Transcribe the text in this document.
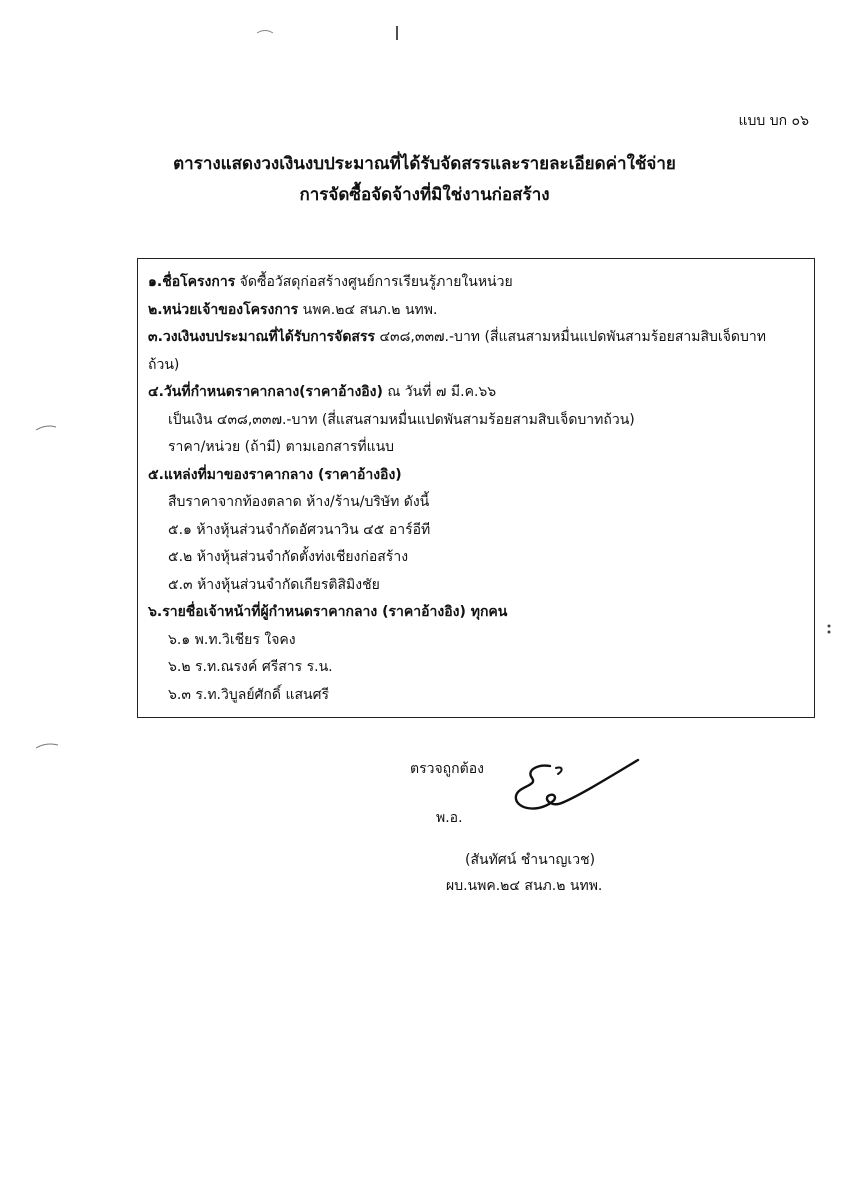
แบบ บก ๐๖
ตารางแสดงวงเงินงบประมาณที่ได้รับจัดสรรและรายละเอียดค่าใช้จ่าย
การจัดซื้อจัดจ้างที่มิใช่งานก่อสร้าง
๑.ชื่อโครงการ จัดซื้อวัสดุก่อสร้างศูนย์การเรียนรู้ภายในหน่วย
๒.หน่วยเจ้าของโครงการ นพค.๒๔ สนภ.๒ นทพ.
๓.วงเงินงบประมาณที่ได้รับการจัดสรร ๔๓๘,๓๓๗.-บาท (สี่แสนสามหมื่นแปดพันสามร้อยสามสิบเจ็ดบาท
ถ้วน)
๔.วันที่กำหนดราคากลาง(ราคาอ้างอิง) ณ วันที่ ๗ มี.ค.๖๖
เป็นเงิน ๔๓๘,๓๓๗.-บาท (สี่แสนสามหมื่นแปดพันสามร้อยสามสิบเจ็ดบาทถ้วน)
ราคา/หน่วย (ถ้ามี) ตามเอกสารที่แนบ
๕.แหล่งที่มาของราคากลาง (ราคาอ้างอิง)
สืบราคาจากท้องตลาด ห้าง/ร้าน/บริษัท ดังนี้
๕.๑ ห้างหุ้นส่วนจำกัดอัศวนาวิน ๔๕ อาร์อีที
๕.๒ ห้างหุ้นส่วนจำกัดตั้งท่งเชียงก่อสร้าง
๕.๓ ห้างหุ้นส่วนจำกัดเกียรติสิมิงชัย
๖.รายชื่อเจ้าหน้าที่ผู้กำหนดราคากลาง (ราคาอ้างอิง) ทุกคน
๖.๑ พ.ท.วิเชียร ใจคง
๖.๒ ร.ท.ณรงค์ ศรีสาร ร.น.
๖.๓ ร.ท.วิบูลย์ศักดิ์ แสนศรี
ตรวจถูกต้อง
พ.อ.
(สันทัศน์ ชำนาญเวช)
ผบ.นพค.๒๔ สนภ.๒ นทพ.
